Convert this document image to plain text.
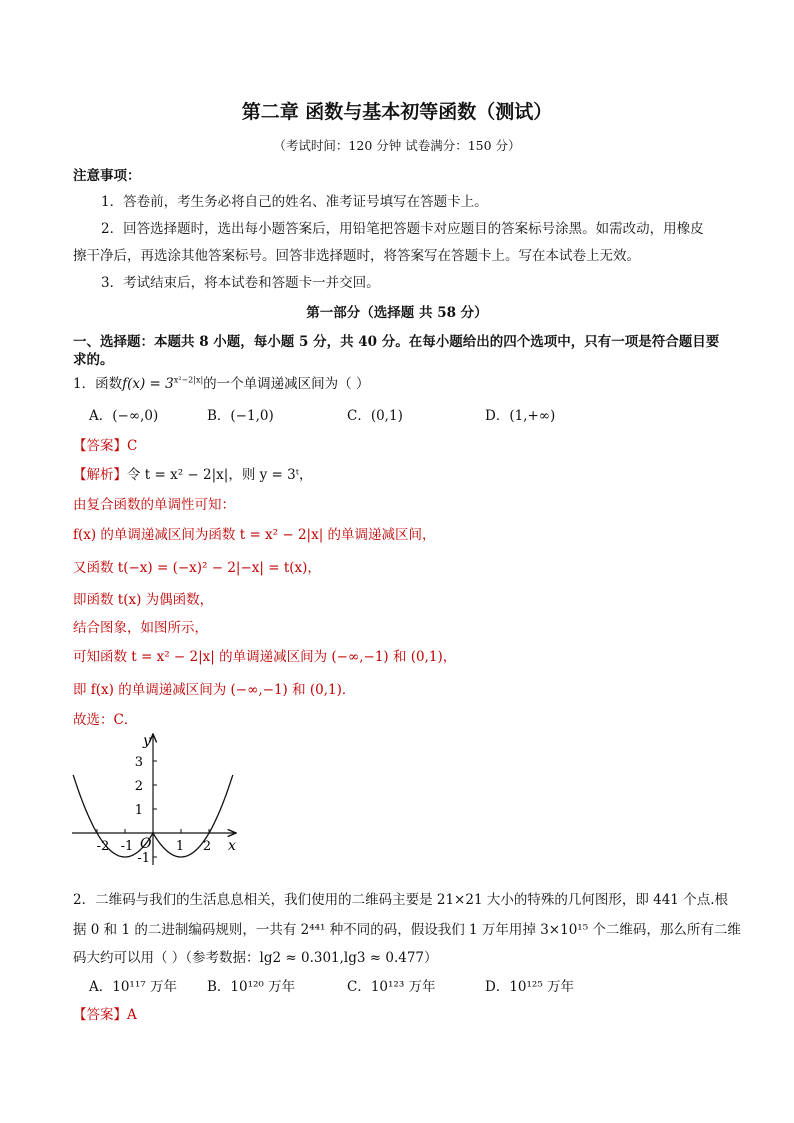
第二章 函数与基本初等函数（测试）
（考试时间：120 分钟 试卷满分：150 分）
注意事项：
1．答卷前，考生务必将自己的姓名、准考证号填写在答题卡上。
2．回答选择题时，选出每小题答案后，用铅笔把答题卡对应题目的答案标号涂黑。如需改动，用橡皮
擦干净后，再选涂其他答案标号。回答非选择题时，将答案写在答题卡上。写在本试卷上无效。
3．考试结束后，将本试卷和答题卡一并交回。
第一部分（选择题 共 58 分）
一、选择题：本题共 8 小题，每小题 5 分，共 40 分。在每小题给出的四个选项中，只有一项是符合题目要
求的。
1．函数$f(x) = 3^{x^2-2|x|}$的一个单调递减区间为（ ）
A．(−∞,0)	B．(−1,0)	C．(0,1)	D．(1,+∞)
【答案】C
【解析】令 t = x² − 2|x|，则 y = 3ᵗ，
由复合函数的单调性可知：
f(x) 的单调递减区间为函数 t = x² − 2|x| 的单调递减区间，
又函数 t(−x) = (−x)² − 2|−x| = t(x)，
即函数 t(x) 为偶函数，
结合图象，如图所示，
可知函数 t = x² − 2|x| 的单调递减区间为 (−∞,−1) 和 (0,1)，
即 f(x) 的单调递减区间为 (−∞,−1) 和 (0,1)．
故选：C．
y
x
O
3
2
1
-1
-2 -1	1 2
2．二维码与我们的生活息息相关，我们使用的二维码主要是 21×21 大小的特殊的几何图形，即 441 个点.根
据 0 和 1 的二进制编码规则，一共有 2⁴⁴¹ 种不同的码，假设我们 1 万年用掉 3×10¹⁵ 个二维码，那么所有二维
码大约可以用（ ）（参考数据：lg2 ≈ 0.301,lg3 ≈ 0.477）
A．10¹¹⁷ 万年 B．10¹²⁰ 万年	C．10¹²³ 万年	D．10¹²⁵ 万年
【答案】A
